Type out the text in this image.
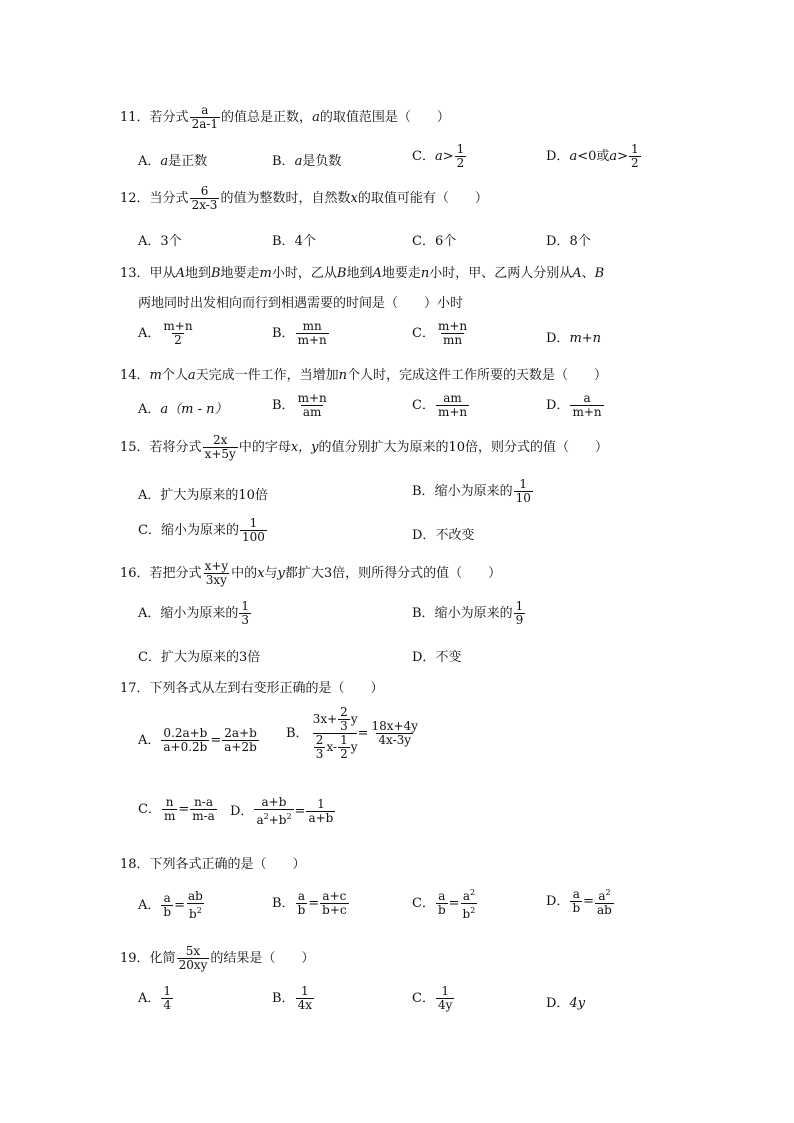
11．若分式 $\frac{a}{2a-1}$ 的值总是正数，a的取值范围是（　　）
A．a是正数	B．a是负数	C．$a> \frac{1}{2}$	D．a<0或$a> \frac{1}{2}$
12．当分式 $\frac{6}{2x-3}$ 的值为整数时，自然数x的取值可能有（　　）
A．3个	B．4个	C．6个	D．8个
13．甲从A地到B地要走m小时，乙从B地到A地要走n小时，甲、乙两人分别从A、B
两地同时出发相向而行到相遇需要的时间是（　　）小时
A． $\frac{m+n}{2}$	B． $\frac{mn}{m+n}$	C． $\frac{m+n}{mn}$	D．m+n
14．m个人a天完成一件工作，当增加n个人时，完成这件工作所要的天数是（　　）
A．a（m - n）	B． $\frac{m+n}{am}$	C． $\frac{am}{m+n}$	D． $\frac{a}{m+n}$
15．若将分式 $\frac{2x}{x+5y}$ 中的字母x，y的值分别扩大为原来的10倍，则分式的值（　　）
A．扩大为原来的10倍	B．缩小为原来的 $\frac{1}{10}$
C．缩小为原来的 $\frac{1}{100}$	D．不改变
16．若把分式 $\frac{x+y}{3xy}$ 中的x与y都扩大3倍，则所得分式的值（　　）
A．缩小为原来的 $\frac{1}{3}$	B．缩小为原来的 $\frac{1}{9}$
C．扩大为原来的3倍	D．不变
17．下列各式从左到右变形正确的是（　　）
A． $\frac{0.2a+b}{a+0.2b} = \frac{2a+b}{a+2b}$ B． $\frac{3x+ \frac{2}{3} y}{\frac{2}{3} x- \frac{1}{2} y} = \frac{18x+4y}{4x-3y}$
C． $\frac{n}{m} = \frac{n-a}{m-a}$ D． $\frac{a+b}{a^2+b^2} = \frac{1}{a+b}$
18．下列各式正确的是（　　）
A． $\frac{a}{b} = \frac{ab}{b^2}$	B． $\frac{a}{b} = \frac{a+c}{b+c}$	C． $\frac{a}{b} = \frac{a^2}{b^2}$	D． $\frac{a}{b} = \frac{a^2}{ab}$
19．化简 $\frac{5x}{20xy}$ 的结果是（　　）
A． $\frac{1}{4}$	B． $\frac{1}{4x}$	C． $\frac{1}{4y}$	D．4y
